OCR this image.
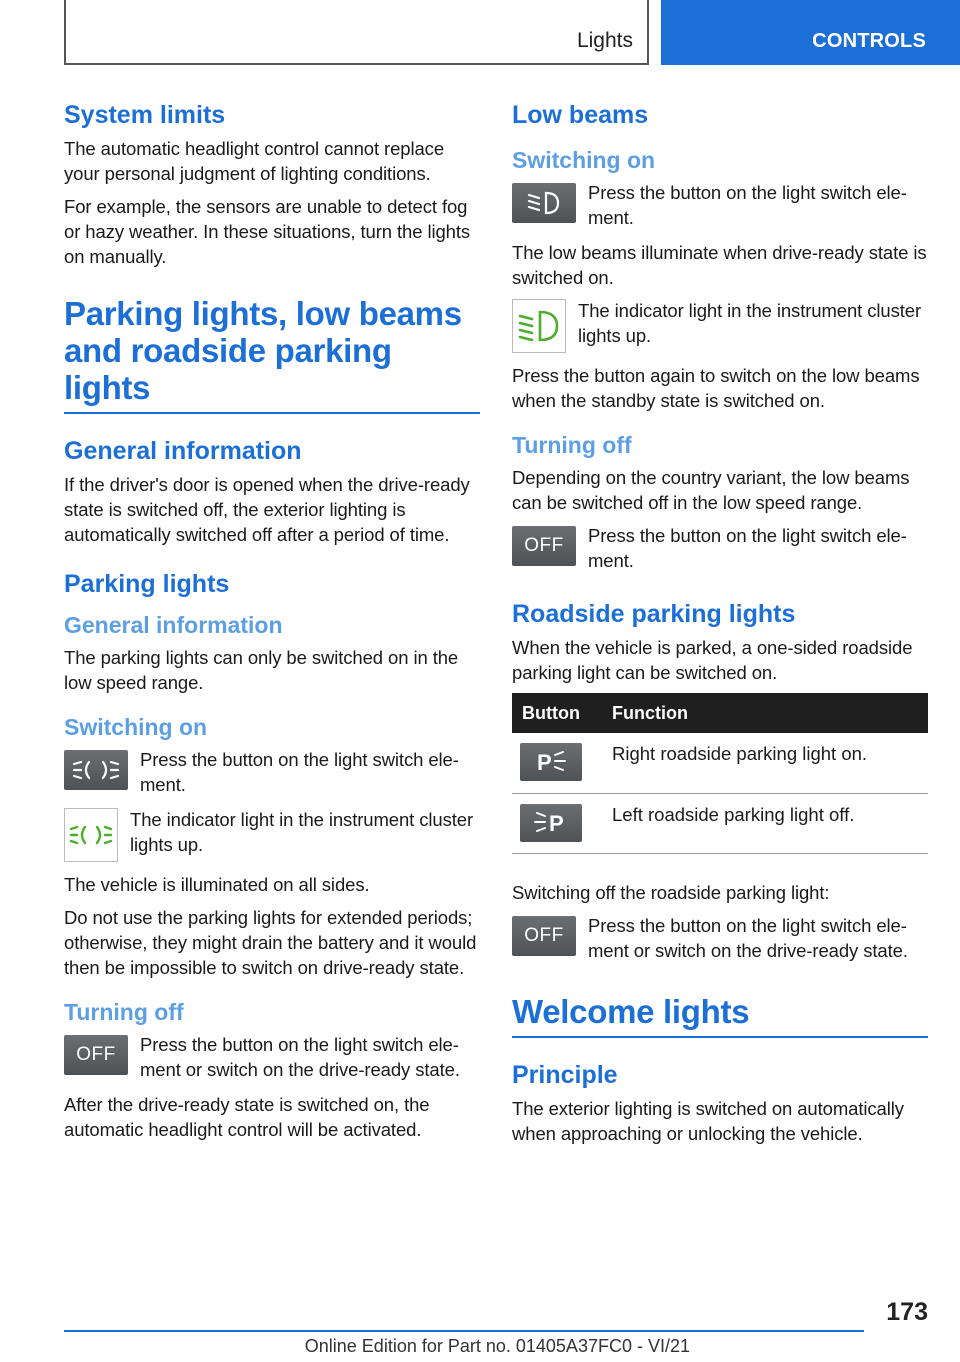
Lights	CONTROLS
System limits
The automatic headlight control cannot replace your personal judgment of lighting conditions.
For example, the sensors are unable to detect fog or hazy weather. In these situations, turn the lights on manually.
Parking lights, low beams and roadside parking lights
General information
If the driver's door is opened when the drive-ready state is switched off, the exterior lighting is automatically switched off after a period of time.
Parking lights
General information
The parking lights can only be switched on in the low speed range.
Switching on
Press the button on the light switch element.
The indicator light in the instrument cluster lights up.
The vehicle is illuminated on all sides.
Do not use the parking lights for extended periods; otherwise, they might drain the battery and it would then be impossible to switch on drive-ready state.
Turning off
OFF Press the button on the light switch element or switch on the drive-ready state.
After the drive-ready state is switched on, the automatic headlight control will be activated.
Low beams
Switching on
Press the button on the light switch element.
The low beams illuminate when drive-ready state is switched on.
The indicator light in the instrument cluster lights up.
Press the button again to switch on the low beams when the standby state is switched on.
Turning off
Depending on the country variant, the low beams can be switched off in the low speed range.
OFF Press the button on the light switch element.
Roadside parking lights
When the vehicle is parked, a one-sided roadside parking light can be switched on.
Button	Function

P	Right roadside parking light on.

P	Left roadside parking light off.
Switching off the roadside parking light:
OFF Press the button on the light switch element or switch on the drive-ready state.
Welcome lights
Principle
The exterior lighting is switched on automatically when approaching or unlocking the vehicle.
173
Online Edition for Part no. 01405A37FC0 - VI/21
